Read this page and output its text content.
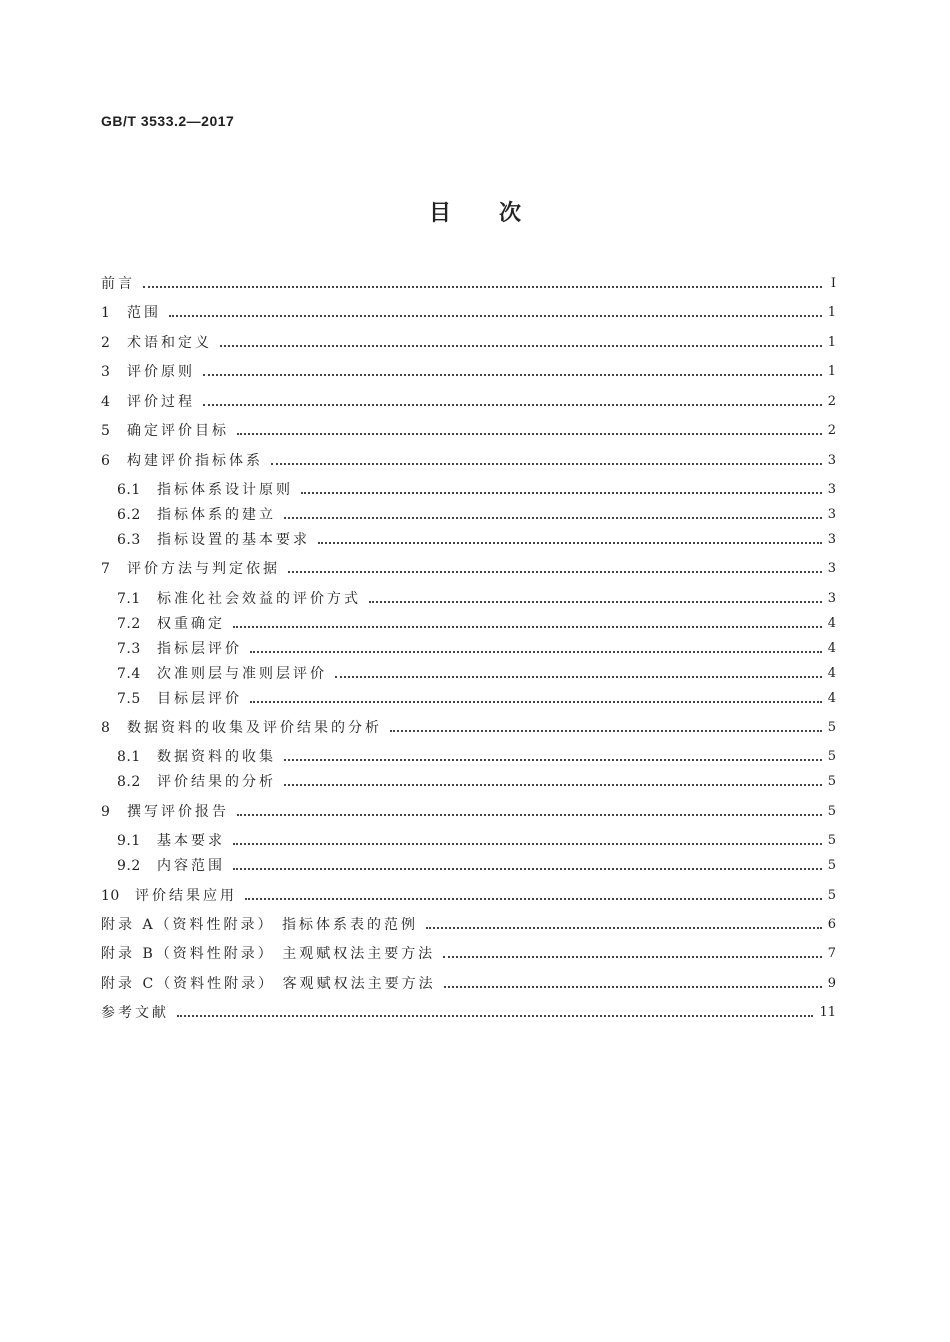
GB/T 3533.2—2017
目次
前言	Ⅰ
1	范围	1
2	术语和定义	1
3	评价原则	1
4	评价过程	2
5	确定评价目标	2
6	构建评价指标体系	3
6.1	指标体系设计原则	3
6.2	指标体系的建立	3
6.3	指标设置的基本要求	3
7	评价方法与判定依据	3
7.1	标准化社会效益的评价方式	3
7.2	权重确定	4
7.3	指标层评价	4
7.4	次准则层与准则层评价	4
7.5	目标层评价	4
8	数据资料的收集及评价结果的分析	5
8.1	数据资料的收集	5
8.2	评价结果的分析	5
9	撰写评价报告	5
9.1	基本要求	5
9.2	内容范围	5
10	评价结果应用	5
附录 A（资料性附录） 指标体系表的范例	6
附录 B（资料性附录） 主观赋权法主要方法	7
附录 C（资料性附录） 客观赋权法主要方法	9
参考文献	11
